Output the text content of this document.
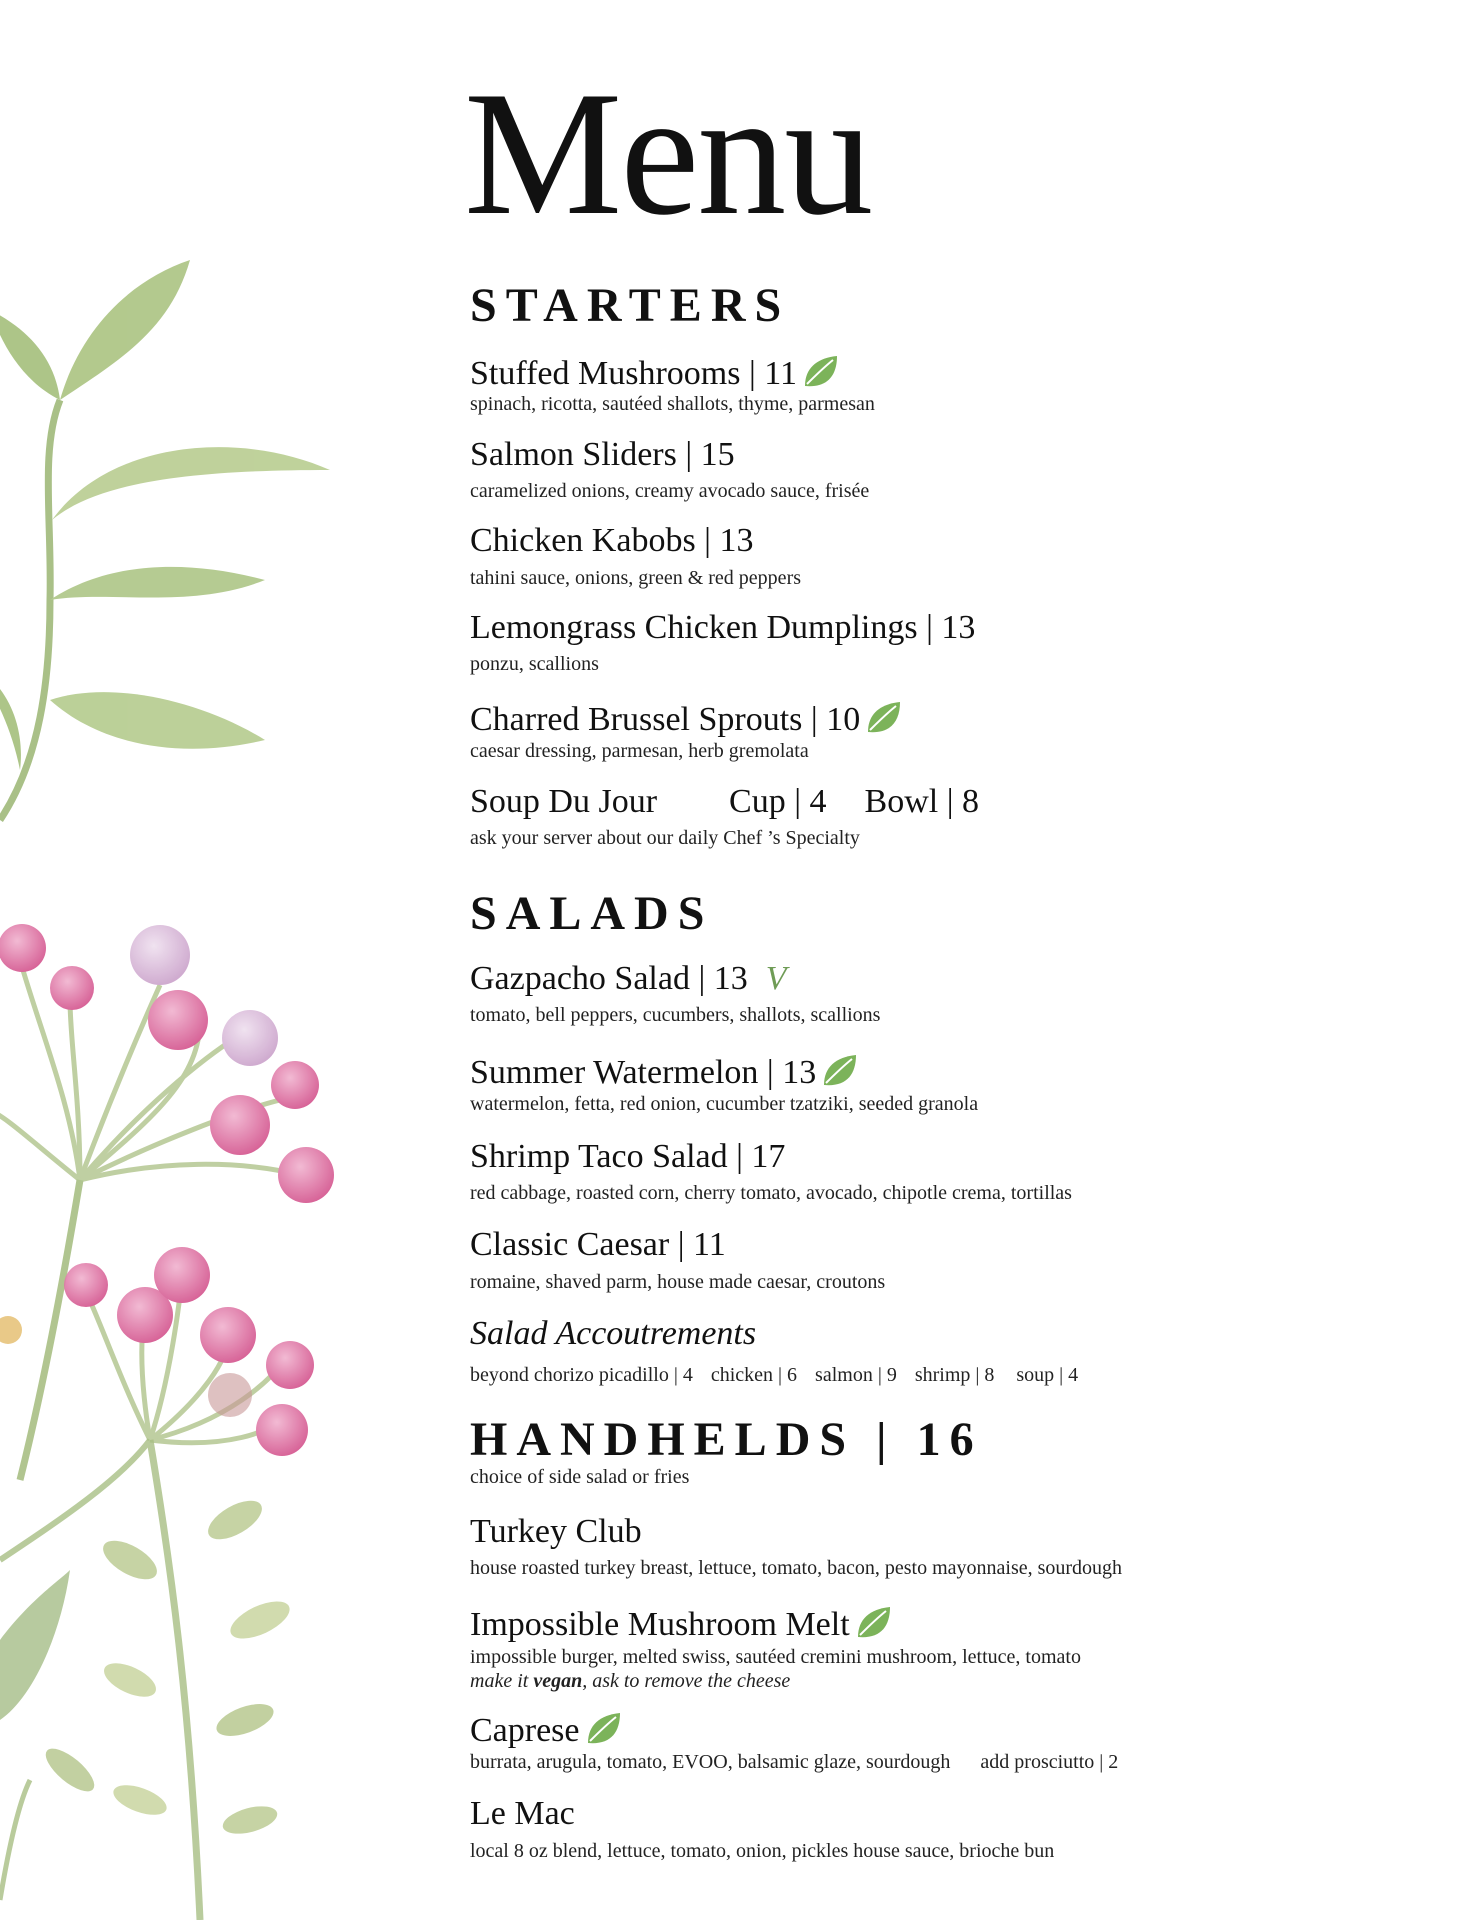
Menu
STARTERS
Stuffed Mushrooms | 11
spinach, ricotta, sautéed shallots, thyme, parmesan
Salmon Sliders | 15
caramelized onions, creamy avocado sauce, frisée
Chicken Kabobs | 13
tahini sauce, onions, green & red peppers
Lemongrass Chicken Dumplings | 13
ponzu, scallions
Charred Brussel Sprouts | 10
caesar dressing, parmesan, herb gremolata
Soup Du Jour Cup | 4 Bowl | 8
ask your server about our daily Chef ’s Specialty
SALADS
Gazpacho Salad | 13 V
tomato, bell peppers, cucumbers, shallots, scallions
Summer Watermelon | 13
watermelon, fetta, red onion, cucumber tzatziki, seeded granola
Shrimp Taco Salad | 17
red cabbage, roasted corn, cherry tomato, avocado, chipotle crema, tortillas
Classic Caesar | 11
romaine, shaved parm, house made caesar, croutons
Salad Accoutrements
beyond chorizo picadillo | 4 chicken | 6 salmon | 9 shrimp | 8 soup | 4
HANDHELDS | 16
choice of side salad or fries
Turkey Club
house roasted turkey breast, lettuce, tomato, bacon, pesto mayonnaise, sourdough
Impossible Mushroom Melt
impossible burger, melted swiss, sautéed cremini mushroom, lettuce, tomato
make it vegan, ask to remove the cheese
Caprese
burrata, arugula, tomato, EVOO, balsamic glaze, sourdough add prosciutto | 2
Le Mac
local 8 oz blend, lettuce, tomato, onion, pickles house sauce, brioche bun
